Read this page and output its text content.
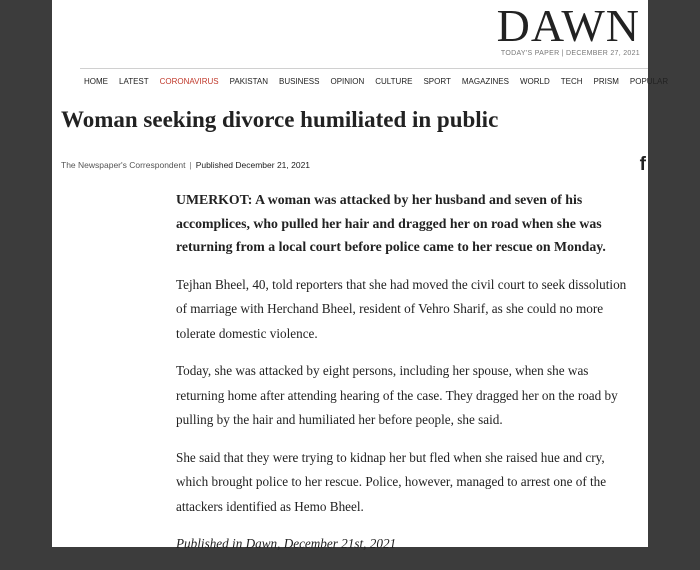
DAWN
TODAY'S PAPER | DECEMBER 27, 2021
HOME LATEST CORONAVIRUS PAKISTAN BUSINESS OPINION CULTURE SPORT MAGAZINES WORLD TECH PRISM POPULAR
Woman seeking divorce humiliated in public
The Newspaper's Correspondent | Published December 21, 2021	f

UMERKOT: A woman was attacked by her husband and seven of his accomplices, who pulled her hair and dragged her on road when she was returning from a local court before police came to her rescue on Monday.

Tejhan Bheel, 40, told reporters that she had moved the civil court to seek dissolution of marriage with Herchand Bheel, resident of Vehro Sharif, as she could no more tolerate domestic violence.

Today, she was attacked by eight persons, including her spouse, when she was returning home after attending hearing of the case. They dragged her on the road by pulling by the hair and humiliated her before people, she said.

She said that they were trying to kidnap her but fled when she raised hue and cry, which brought police to her rescue. Police, however, managed to arrest one of the attackers identified as Hemo Bheel.

Published in Dawn, December 21st, 2021
